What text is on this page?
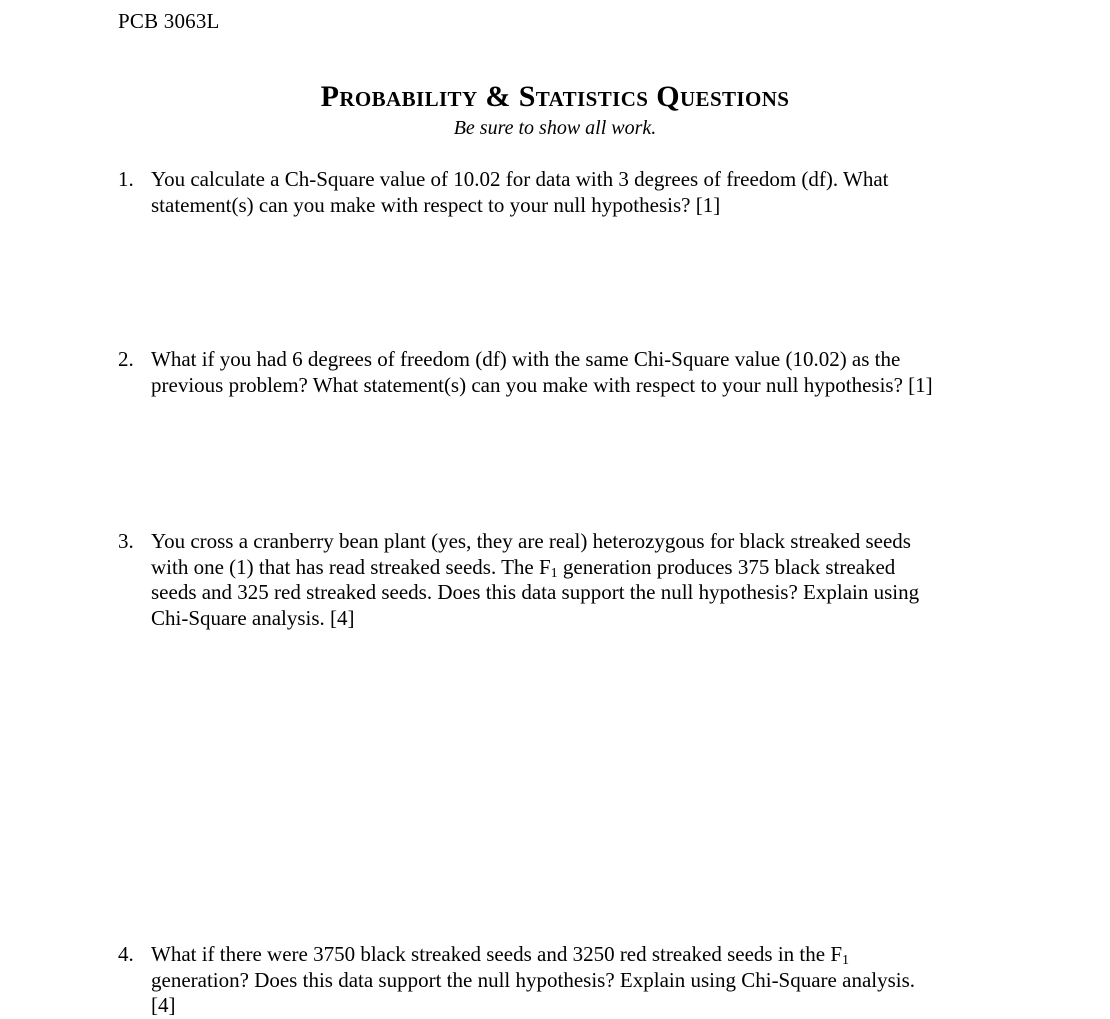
PCB 3063L
Probability & Statistics Questions
Be sure to show all work.
1. You calculate a Ch-Square value of 10.02 for data with 3 degrees of freedom (df). What
statement(s) can you make with respect to your null hypothesis? [1]
2. What if you had 6 degrees of freedom (df) with the same Chi-Square value (10.02) as the
previous problem? What statement(s) can you make with respect to your null hypothesis? [1]
3. You cross a cranberry bean plant (yes, they are real) heterozygous for black streaked seeds
with one (1) that has read streaked seeds. The $F_1$ generation produces 375 black streaked
seeds and 325 red streaked seeds. Does this data support the null hypothesis? Explain using
Chi-Square analysis. [4]
4. What if there were 3750 black streaked seeds and 3250 red streaked seeds in the $F_1$
generation? Does this data support the null hypothesis? Explain using Chi-Square analysis.
[4]
